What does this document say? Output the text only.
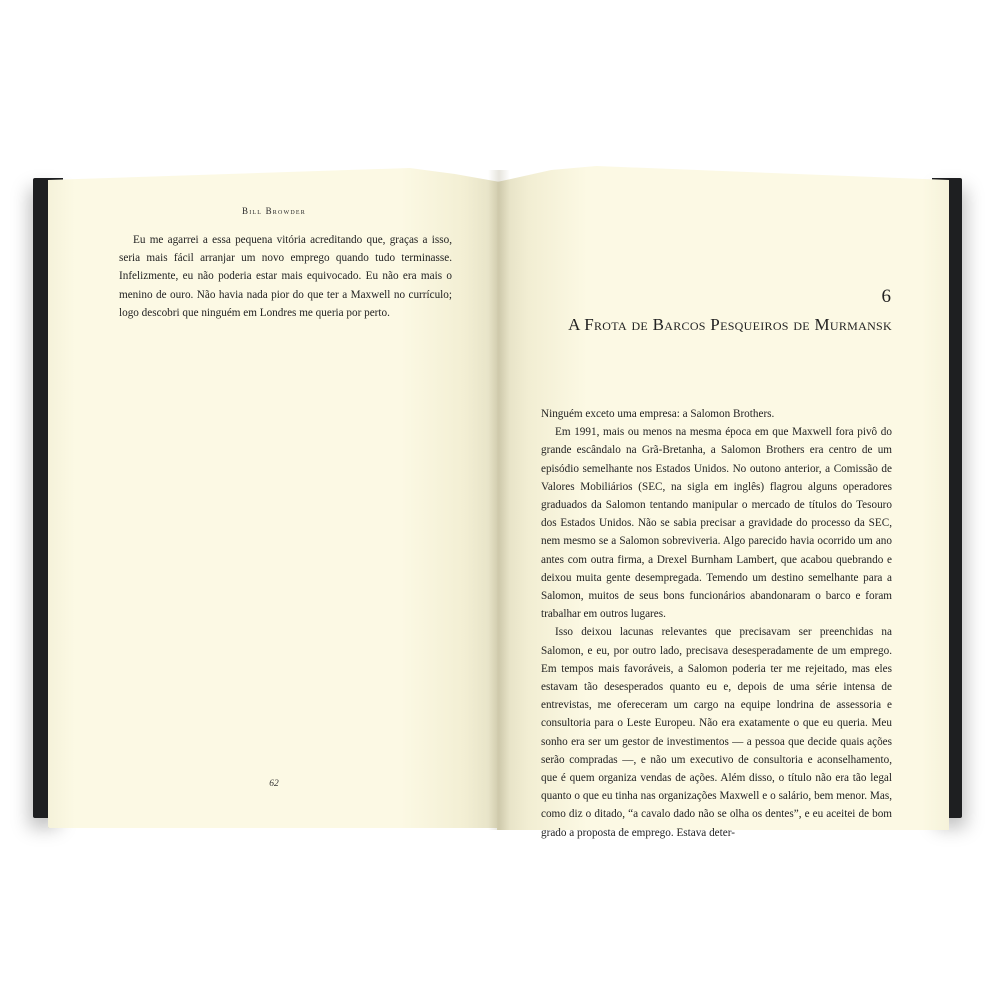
Bill Browder
Eu me agarrei a essa pequena vitória acreditando que, graças a isso, seria mais fácil arranjar um novo emprego quando tudo terminasse. Infelizmente, eu não poderia estar mais equivocado. Eu não era mais o menino de ouro. Não havia nada pior do que ter a Maxwell no currículo; logo descobri que ninguém em Londres me queria por perto.
62
6
A Frota de Barcos Pesqueiros de Murmansk

Ninguém exceto uma empresa: a Salomon Brothers.

Em 1991, mais ou menos na mesma época em que Maxwell fora pivô do grande escândalo na Grã-Bretanha, a Salomon Brothers era centro de um episódio semelhante nos Estados Unidos. No outono anterior, a Comissão de Valores Mobiliários (SEC, na sigla em inglês) flagrou alguns operadores graduados da Salomon tentando manipular o mercado de títulos do Tesouro dos Estados Unidos. Não se sabia precisar a gravidade do processo da SEC, nem mesmo se a Salomon sobreviveria. Algo parecido havia ocorrido um ano antes com outra firma, a Drexel Burnham Lambert, que acabou quebrando e deixou muita gente desempregada. Temendo um destino semelhante para a Salomon, muitos de seus bons funcionários abandonaram o barco e foram trabalhar em outros lugares.

Isso deixou lacunas relevantes que precisavam ser preenchidas na Salomon, e eu, por outro lado, precisava desesperadamente de um emprego. Em tempos mais favoráveis, a Salomon poderia ter me rejeitado, mas eles estavam tão desesperados quanto eu e, depois de uma série intensa de entrevistas, me ofereceram um cargo na equipe londrina de assessoria e consultoria para o Leste Europeu. Não era exatamente o que eu queria. Meu sonho era ser um gestor de investimentos — a pessoa que decide quais ações serão compradas —, e não um executivo de consultoria e aconselhamento, que é quem organiza vendas de ações. Além disso, o título não era tão legal quanto o que eu tinha nas organizações Maxwell e o salário, bem menor. Mas, como diz o ditado, “a cavalo dado não se olha os dentes”, e eu aceitei de bom grado a proposta de emprego. Estava deter-
